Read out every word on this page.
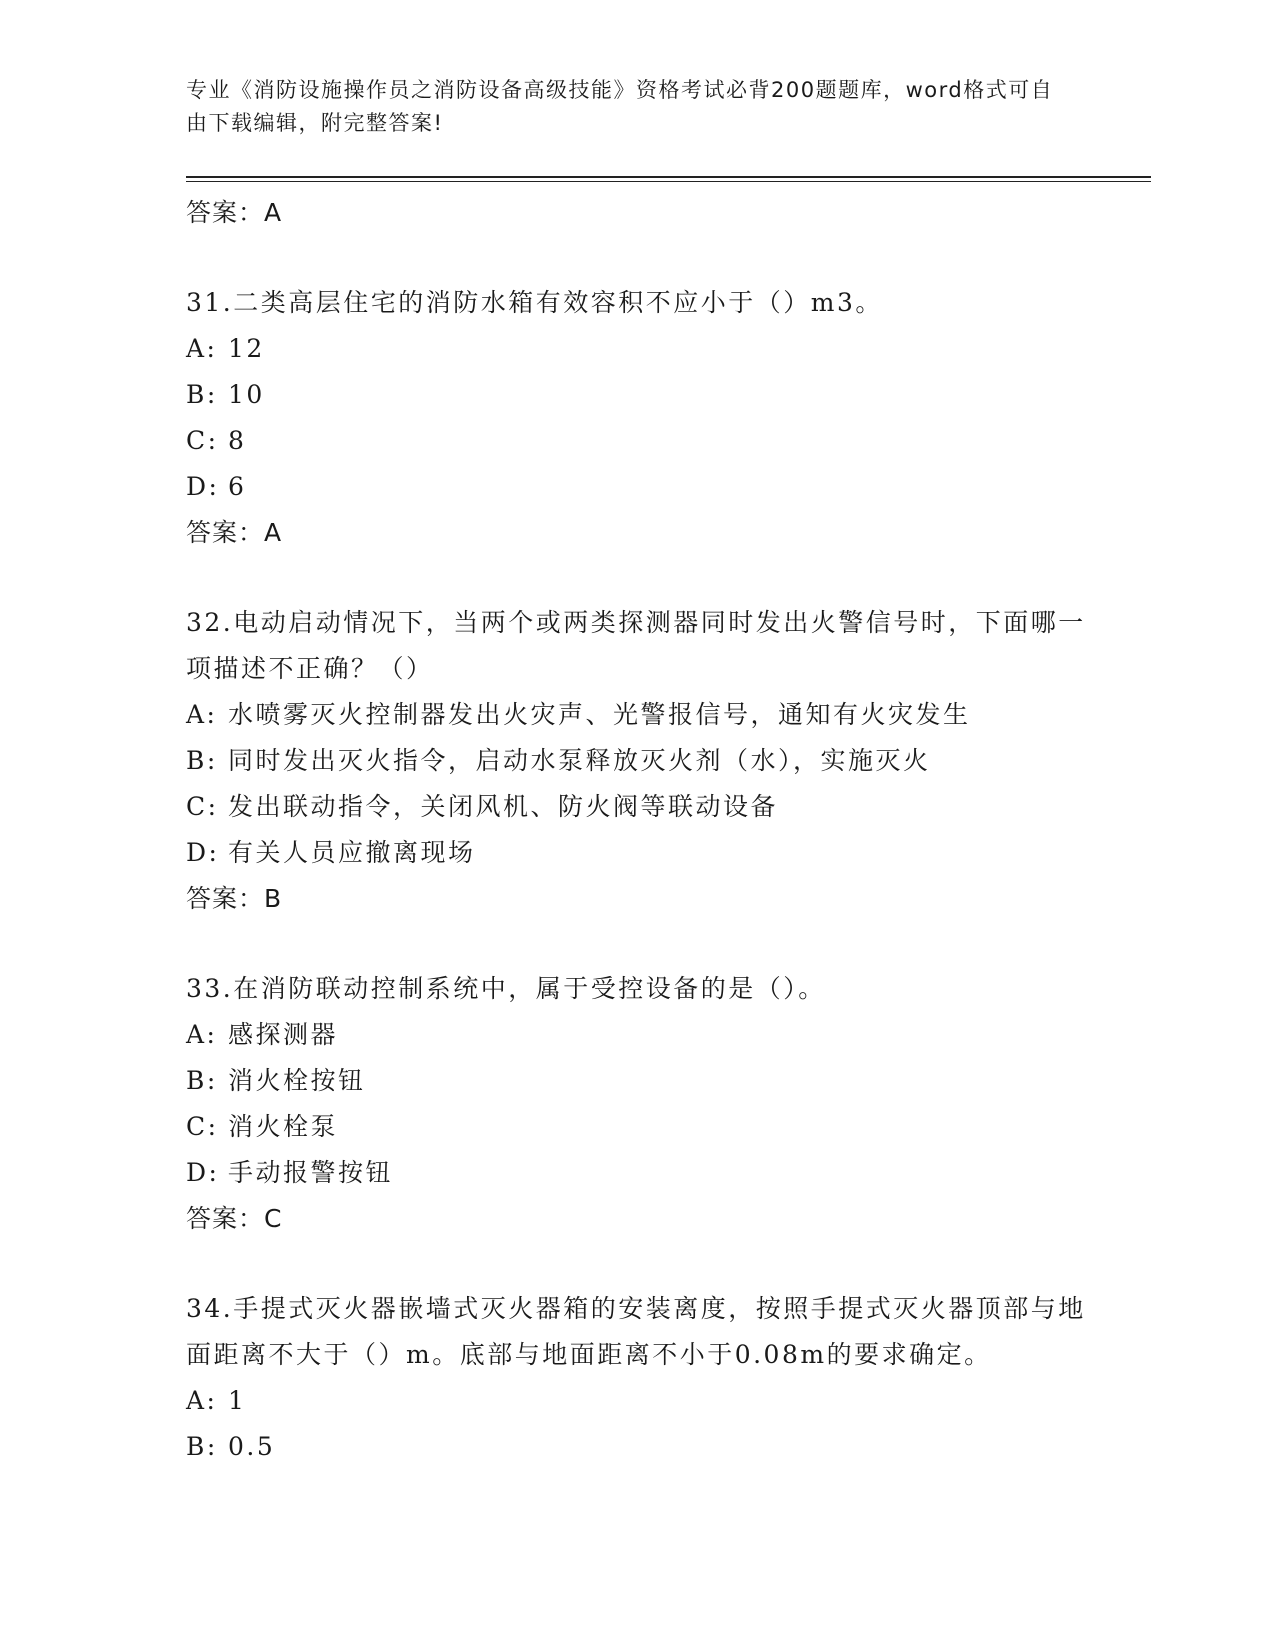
专业《消防设施操作员之消防设备高级技能》资格考试必背200题题库，word格式可自由下载编辑，附完整答案!
答案：A
31.二类高层住宅的消防水箱有效容积不应小于（）m3。
A: 12
B: 10
C: 8
D: 6
答案：A
32.电动启动情况下，当两个或两类探测器同时发出火警信号时，下面哪一项描述不正确？（）
A: 水喷雾灭火控制器发出火灾声、光警报信号，通知有火灾发生
B: 同时发出灭火指令，启动水泵释放灭火剂（水），实施灭火
C: 发出联动指令，关闭风机、防火阀等联动设备
D: 有关人员应撤离现场
答案：B
33.在消防联动控制系统中，属于受控设备的是（）。
A: 感探测器
B: 消火栓按钮
C: 消火栓泵
D: 手动报警按钮
答案：C
34.手提式灭火器嵌墙式灭火器箱的安装离度，按照手提式灭火器顶部与地面距离不大于（）m。底部与地面距离不小于0.08m的要求确定。
A: 1
B: 0.5
